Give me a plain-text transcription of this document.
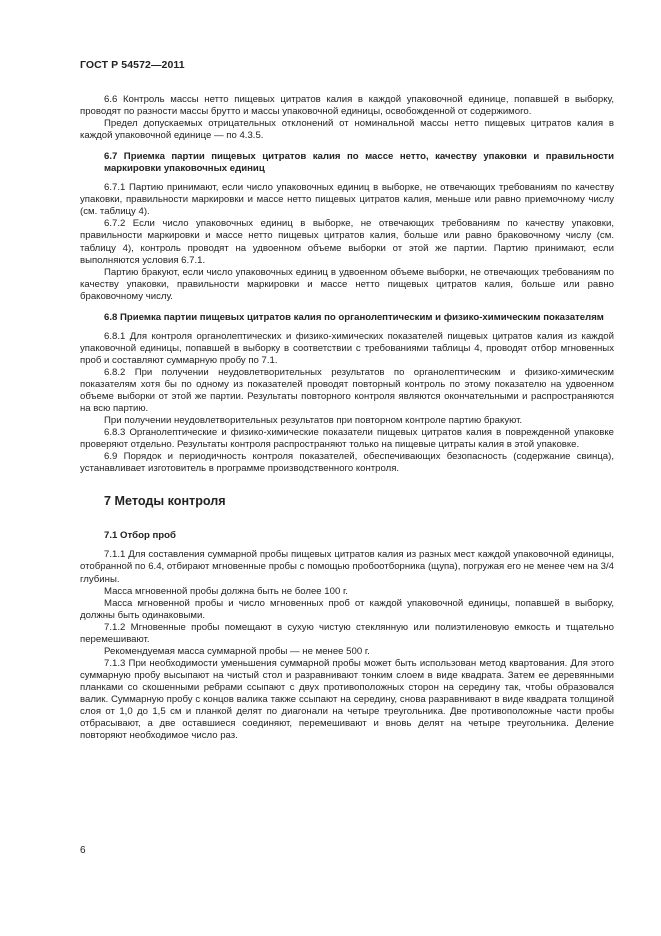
ГОСТ Р 54572—2011

6.6 Контроль массы нетто пищевых цитратов калия в каждой упаковочной единице, попавшей в выборку, проводят по разности массы брутто и массы упаковочной единицы, освобожденной от содержимого.

Предел допускаемых отрицательных отклонений от номинальной массы нетто пищевых цитратов калия в каждой упаковочной единице — по 4.3.5.

6.7 Приемка партии пищевых цитратов калия по массе нетто, качеству упаковки и правильности маркировки упаковочных единиц

6.7.1 Партию принимают, если число упаковочных единиц в выборке, не отвечающих требованиям по качеству упаковки, правильности маркировки и массе нетто пищевых цитратов калия, меньше или равно приемочному числу (см. таблицу 4).

6.7.2 Если число упаковочных единиц в выборке, не отвечающих требованиям по качеству упаковки, правильности маркировки и массе нетто пищевых цитратов калия, больше или равно браковочному числу (см. таблицу 4), контроль проводят на удвоенном объеме выборки от этой же партии. Партию принимают, если выполняются условия 6.7.1.

Партию бракуют, если число упаковочных единиц в удвоенном объеме выборки, не отвечающих требованиям по качеству упаковки, правильности маркировки и массе нетто пищевых цитратов калия, больше или равно браковочному числу.

6.8 Приемка партии пищевых цитратов калия по органолептическим и физико-химическим показателям

6.8.1 Для контроля органолептических и физико-химических показателей пищевых цитратов калия из каждой упаковочной единицы, попавшей в выборку в соответствии с требованиями таблицы 4, проводят отбор мгновенных проб и составляют суммарную пробу по 7.1.

6.8.2 При получении неудовлетворительных результатов по органолептическим и физико-химическим показателям хотя бы по одному из показателей проводят повторный контроль по этому показателю на удвоенном объеме выборки от этой же партии. Результаты повторного контроля являются окончательными и распространяются на всю партию.

При получении неудовлетворительных результатов при повторном контроле партию бракуют.

6.8.3 Органолептические и физико-химические показатели пищевых цитратов калия в поврежденной упаковке проверяют отдельно. Результаты контроля распространяют только на пищевые цитраты калия в этой упаковке.

6.9 Порядок и периодичность контроля показателей, обеспечивающих безопасность (содержание свинца), устанавливает изготовитель в программе производственного контроля.

7 Методы контроля

7.1 Отбор проб

7.1.1 Для составления суммарной пробы пищевых цитратов калия из разных мест каждой упаковочной единицы, отобранной по 6.4, отбирают мгновенные пробы с помощью пробоотборника (щупа), погружая его не менее чем на 3/4 глубины.

Масса мгновенной пробы должна быть не более 100 г.

Масса мгновенной пробы и число мгновенных проб от каждой упаковочной единицы, попавшей в выборку, должны быть одинаковыми.

7.1.2 Мгновенные пробы помещают в сухую чистую стеклянную или полиэтиленовую емкость и тщательно перемешивают.

Рекомендуемая масса суммарной пробы — не менее 500 г.

7.1.3 При необходимости уменьшения суммарной пробы может быть использован метод квартования. Для этого суммарную пробу высыпают на чистый стол и разравнивают тонким слоем в виде квадрата. Затем ее деревянными планками со скошенными ребрами ссыпают с двух противоположных сторон на середину так, чтобы образовался валик. Суммарную пробу с концов валика также ссыпают на середину, снова разравнивают в виде квадрата толщиной слоя от 1,0 до 1,5 см и планкой делят по диагонали на четыре треугольника. Две противоположные части пробы отбрасывают, а две оставшиеся соединяют, перемешивают и вновь делят на четыре треугольника. Деление повторяют необходимое число раз.

6
